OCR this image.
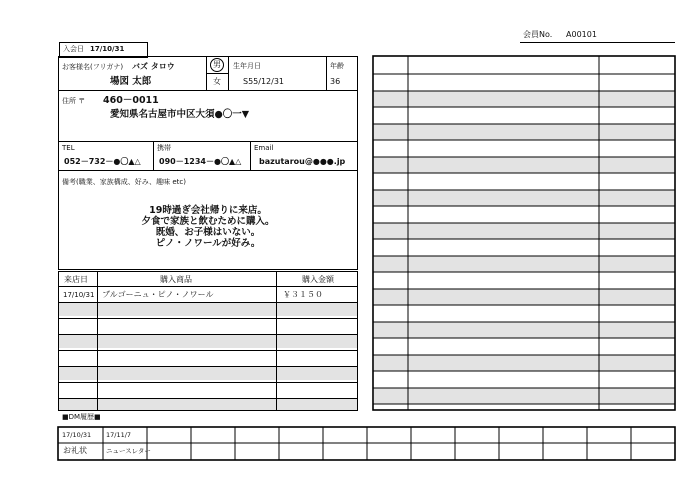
会員No. A00101
入会日 17/10/31
お客様名(フリガナ) バズ タロウ
場図 太郎
男
女
生年月日
S55/12/31
年齢
36
住所 〒 460－0011
愛知県名古屋市中区大須●〇一▼
TEL
052－732－●〇▲△
携帯
090－1234－●〇▲△
Email
bazutarou@●●●.jp
備考(職業、家族構成、好み、趣味 etc)
19時過ぎ会社帰りに来店。
夕食で家族と飲むために購入。
既婚、お子様はいない。
ピノ・ノワールが好み。
来店日	購入商品	購入金額
17/10/31 ブルゴーニュ・ピノ・ノワール	￥３１５０
■DM履歴■
17/10/31 17/11/7
お礼状	ニュースレター
